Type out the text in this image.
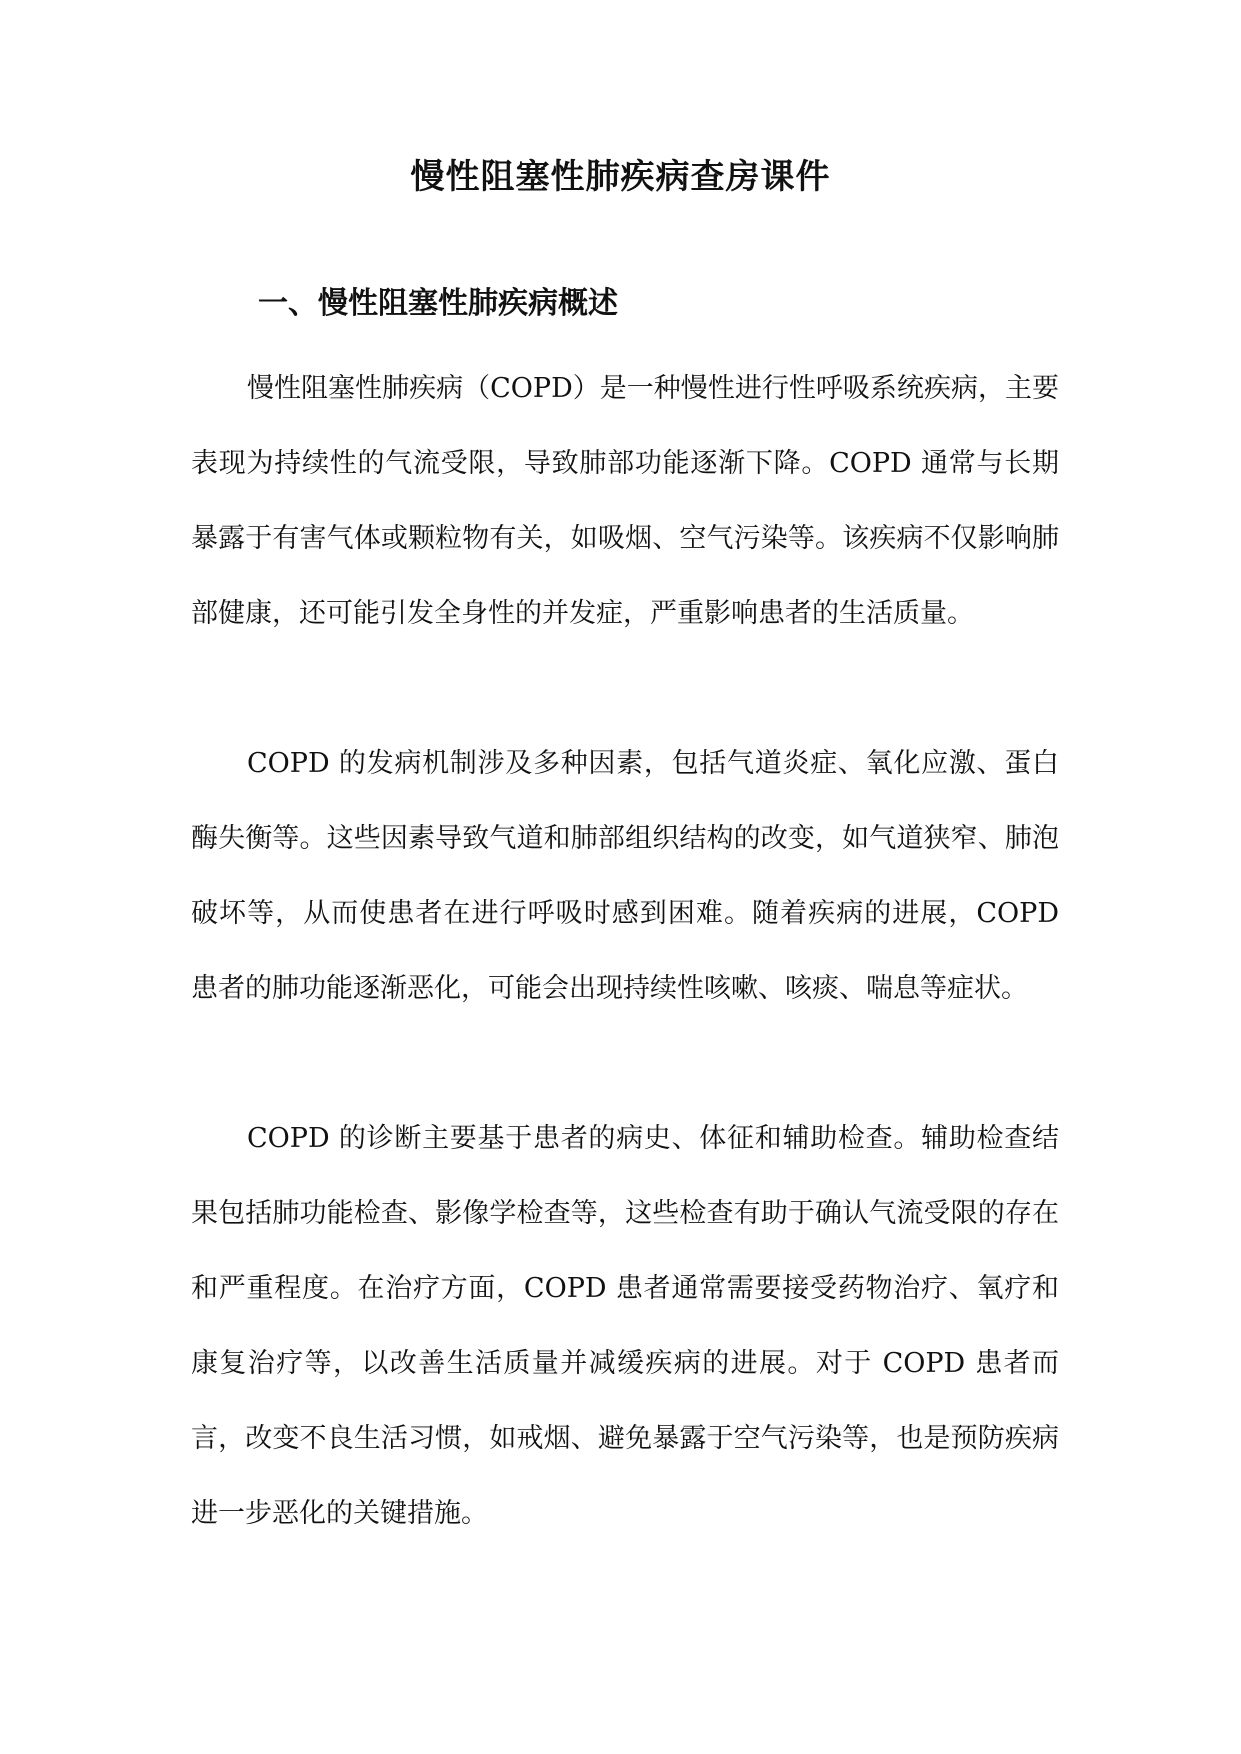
慢性阻塞性肺疾病查房课件
一、慢性阻塞性肺疾病概述

慢性阻塞性肺疾病（COPD）是一种慢性进行性呼吸系统疾病，主要表现为持续性的气流受限，导致肺部功能逐渐下降。COPD 通常与长期暴露于有害气体或颗粒物有关，如吸烟、空气污染等。该疾病不仅影响肺部健康，还可能引发全身性的并发症，严重影响患者的生活质量。

COPD 的发病机制涉及多种因素，包括气道炎症、氧化应激、蛋白酶失衡等。这些因素导致气道和肺部组织结构的改变，如气道狭窄、肺泡破坏等，从而使患者在进行呼吸时感到困难。随着疾病的进展，COPD 患者的肺功能逐渐恶化，可能会出现持续性咳嗽、咳痰、喘息等症状。

COPD 的诊断主要基于患者的病史、体征和辅助检查。辅助检查结果包括肺功能检查、影像学检查等，这些检查有助于确认气流受限的存在和严重程度。在治疗方面，COPD 患者通常需要接受药物治疗、氧疗和康复治疗等，以改善生活质量并减缓疾病的进展。对于 COPD 患者而言，改变不良生活习惯，如戒烟、避免暴露于空气污染等，也是预防疾病进一步恶化的关键措施。
